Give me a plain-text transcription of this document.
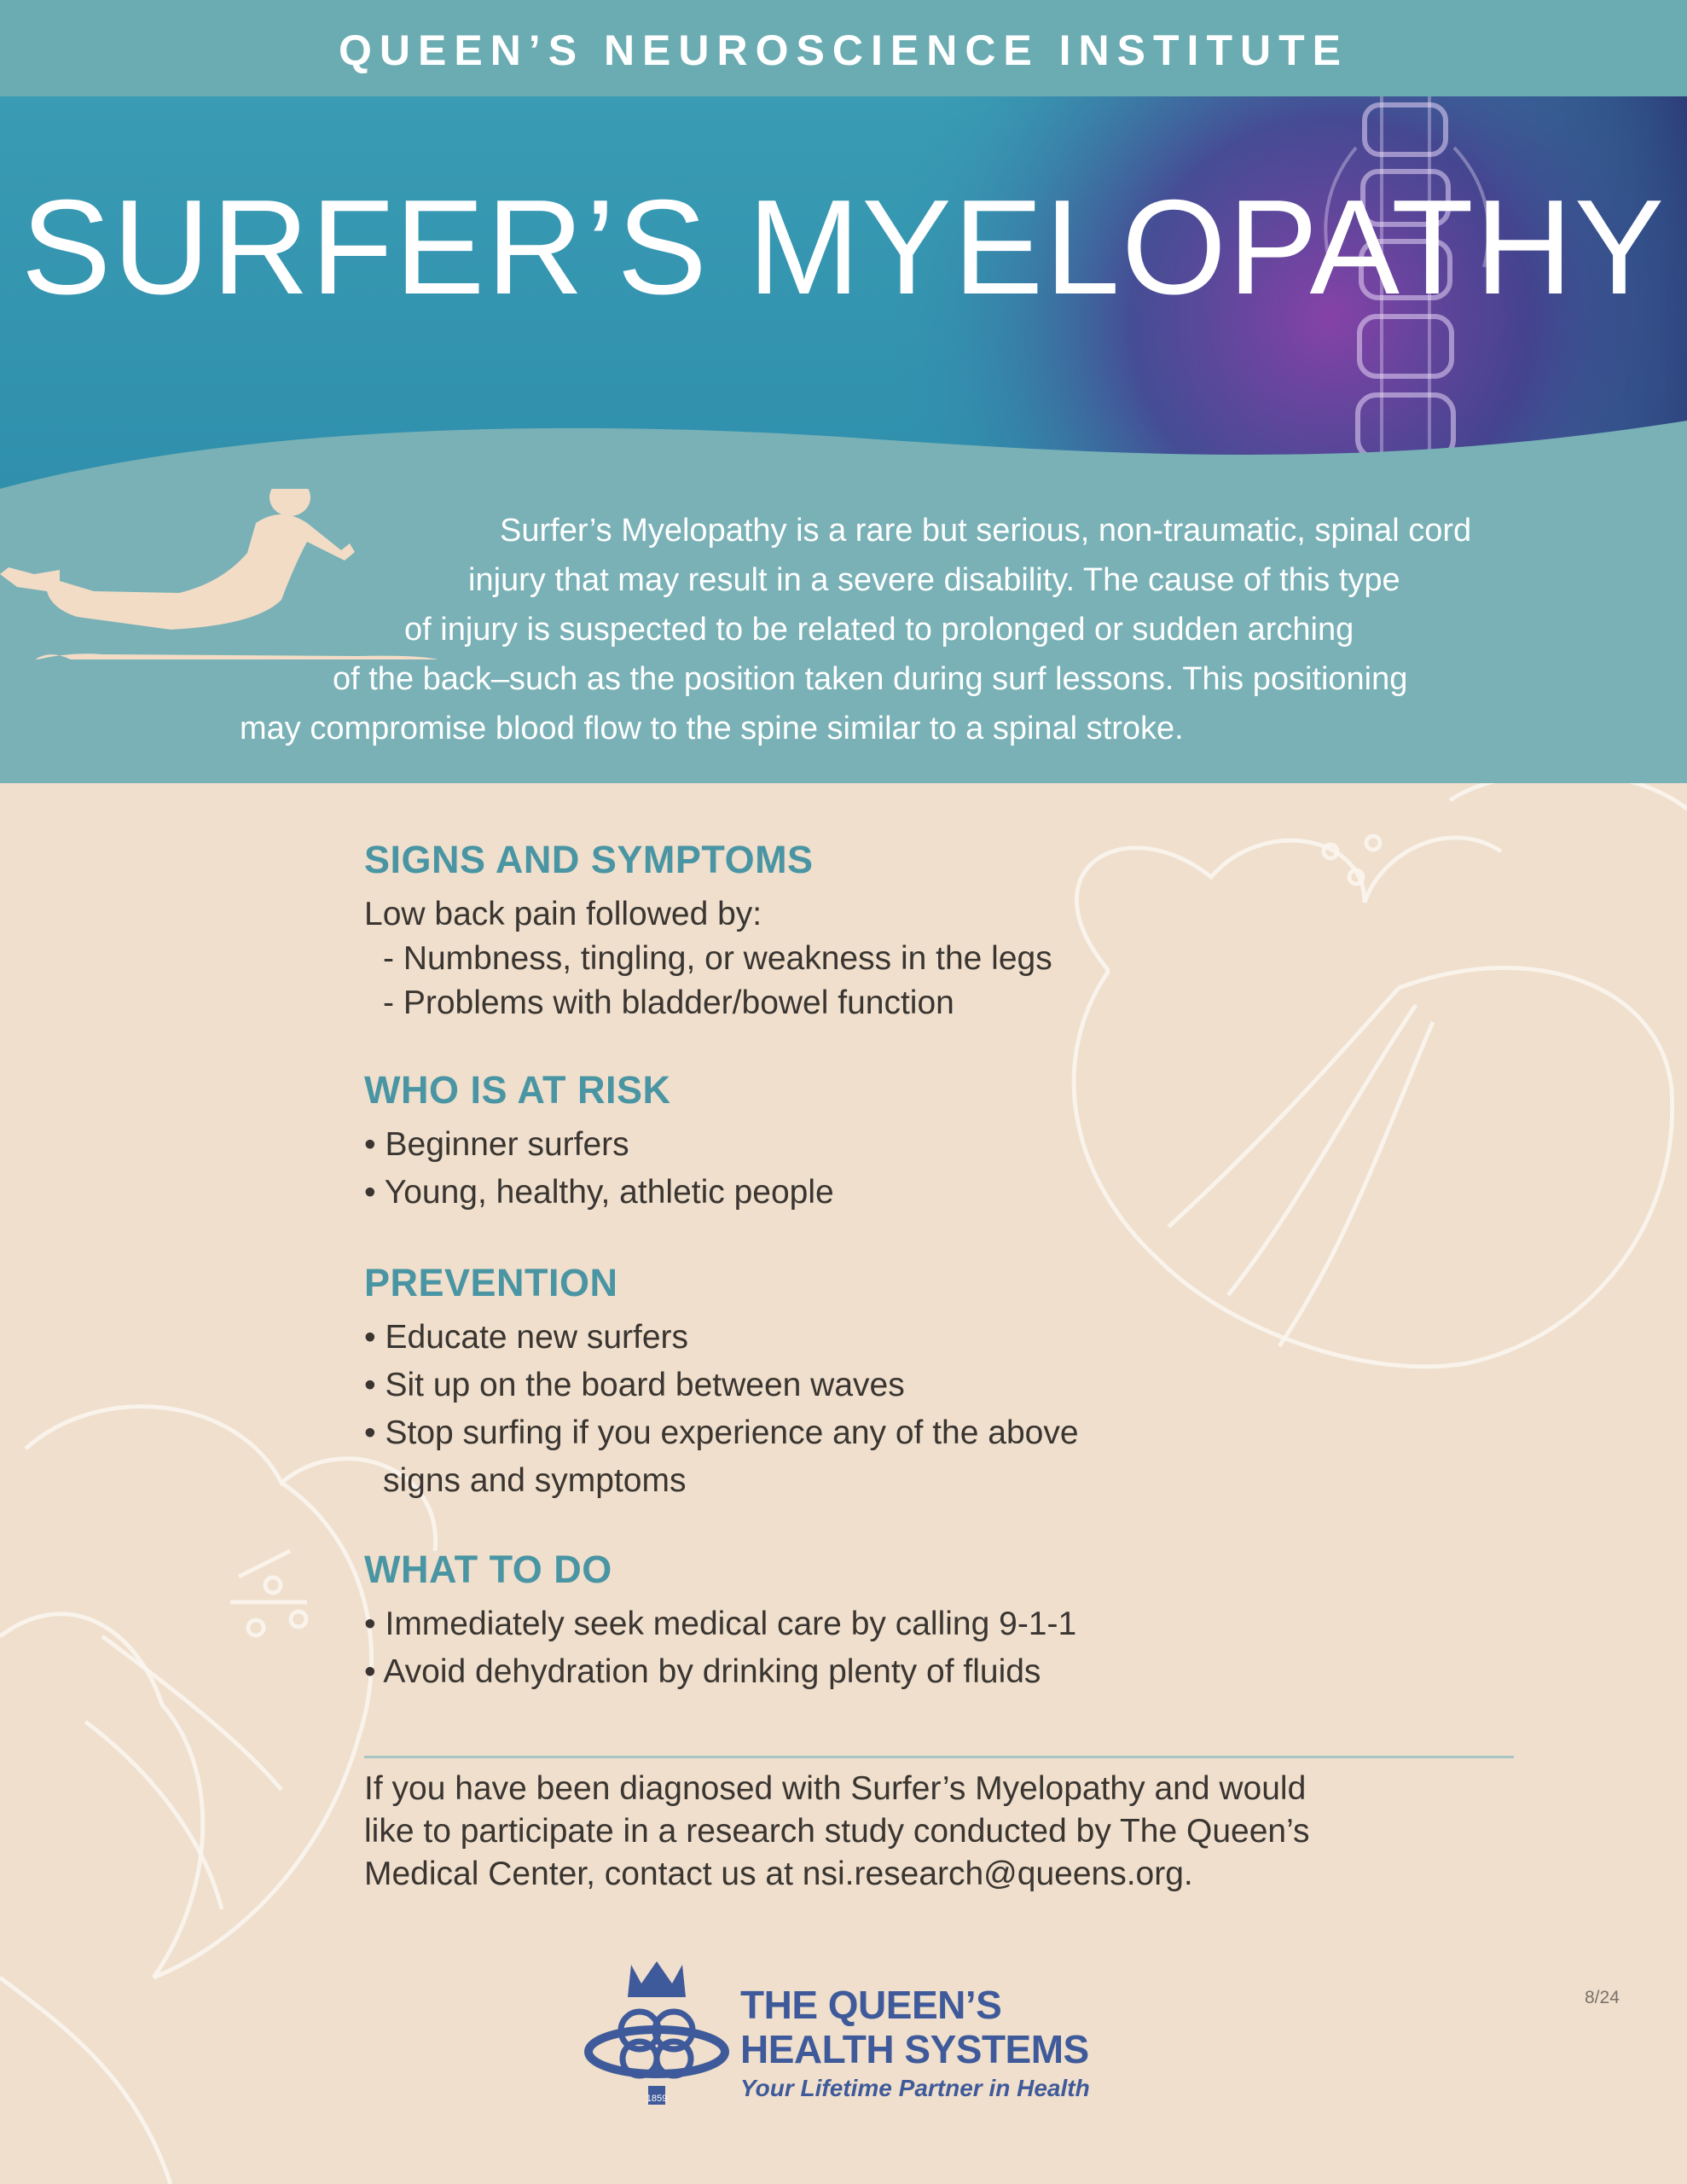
QUEEN’S NEUROSCIENCE INSTITUTE
SURFER’S MYELOPATHY
Surfer’s Myelopathy is a rare but serious, non-traumatic, spinal cord
injury that may result in a severe disability. The cause of this type
of injury is suspected to be related to prolonged or sudden arching
of the back–such as the position taken during surf lessons. This positioning
may compromise blood flow to the spine similar to a spinal stroke.
SIGNS AND SYMPTOMS
Low back pain followed by:
- Numbness, tingling, or weakness in the legs
- Problems with bladder/bowel function
WHO IS AT RISK
• Beginner surfers
• Young, healthy, athletic people
PREVENTION
• Educate new surfers
• Sit up on the board between waves
• Stop surfing if you experience any of the above
signs and symptoms
WHAT TO DO
• Immediately seek medical care by calling 9-1-1
• Avoid dehydration by drinking plenty of fluids
If you have been diagnosed with Surfer’s Myelopathy and would
like to participate in a research study conducted by The Queen’s
Medical Center, contact us at nsi.research@queens.org.
1859
THE QUEEN’S
HEALTH SYSTEMS
Your Lifetime Partner in Health
8/24
